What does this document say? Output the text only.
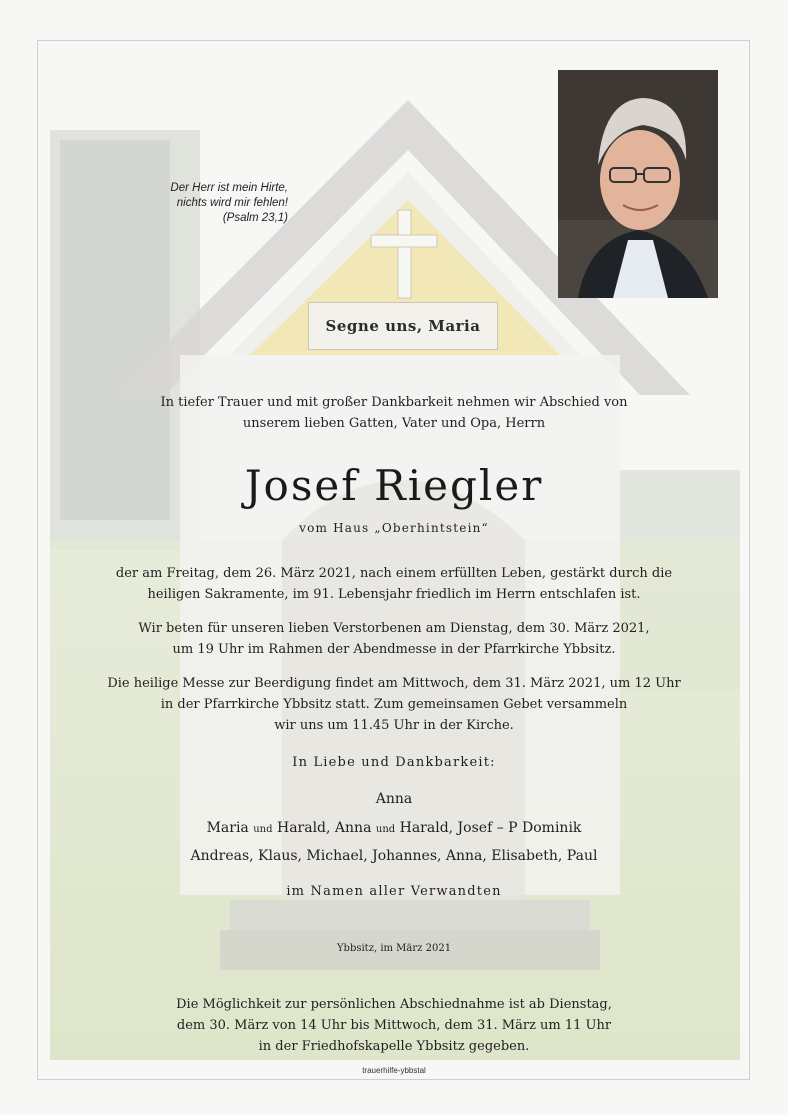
Der Herr ist mein Hirte,
nichts wird mir fehlen!
(Psalm 23,1)
Segne uns, Maria
In tiefer Trauer und mit großer Dankbarkeit nehmen wir Abschied von
unserem lieben Gatten, Vater und Opa, Herrn
Josef Riegler
vom Haus „Oberhintstein“
der am Freitag, dem 26. März 2021, nach einem erfüllten Leben, gestärkt durch die
heiligen Sakramente, im 91. Lebensjahr friedlich im Herrn entschlafen ist.
Wir beten für unseren lieben Verstorbenen am Dienstag, dem 30. März 2021,
um 19 Uhr im Rahmen der Abendmesse in der Pfarrkirche Ybbsitz.
Die heilige Messe zur Beerdigung findet am Mittwoch, dem 31. März 2021, um 12 Uhr
in der Pfarrkirche Ybbsitz statt. Zum gemeinsamen Gebet versammeln
wir uns um 11.45 Uhr in der Kirche.
In Liebe und Dankbarkeit:
Anna
Maria und Harald, Anna und Harald, Josef – P Dominik
Andreas, Klaus, Michael, Johannes, Anna, Elisabeth, Paul
im Namen aller Verwandten
Ybbsitz, im März 2021
Die Möglichkeit zur persönlichen Abschiednahme ist ab Dienstag,
dem 30. März von 14 Uhr bis Mittwoch, dem 31. März um 11 Uhr
in der Friedhofskapelle Ybbsitz gegeben.
trauerhilfe-ybbstal
